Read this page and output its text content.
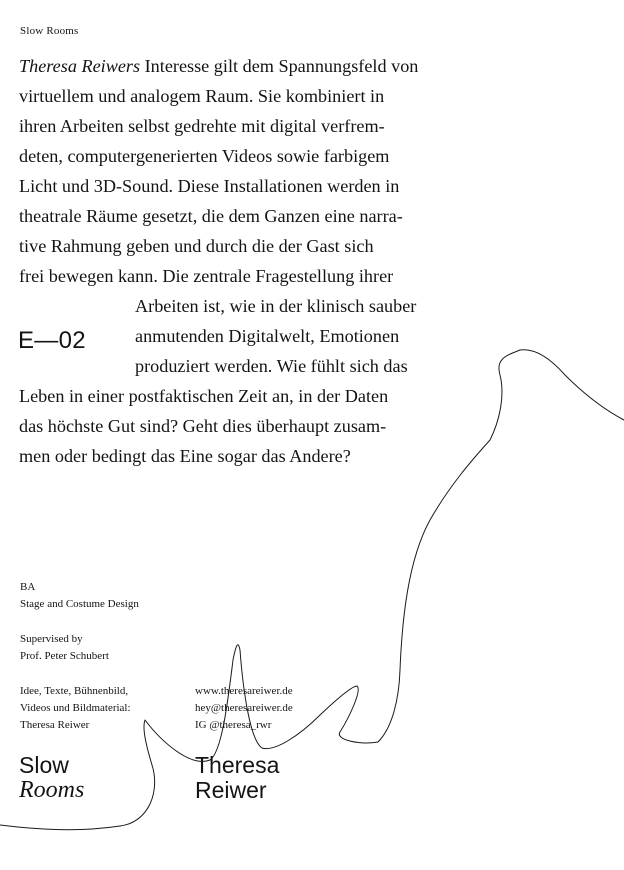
Slow Rooms
Theresa Reiwers Interesse gilt dem Spannungsfeld von
virtuellem und analogem Raum. Sie kombiniert in
ihren Arbeiten selbst gedrehte mit digital verfrem-
deten, computergenerierten Videos sowie farbigem
Licht und 3D-Sound. Diese Installationen werden in
theatrale Räume gesetzt, die dem Ganzen eine narra-
tive Rahmung geben und durch die der Gast sich
frei bewegen kann. Die zentrale Fragestellung ihrer
Arbeiten ist, wie in der klinisch sauber
anmutenden Digitalwelt, Emotionen
produziert werden. Wie fühlt sich das
Leben in einer postfaktischen Zeit an, in der Daten
das höchste Gut sind? Geht dies überhaupt zusam-
men oder bedingt das Eine sogar das Andere?
E—02
BA
Stage and Costume Design
Supervised by
Prof. Peter Schubert
Idee, Texte, Bühnenbild,
Videos und Bildmaterial:
Theresa Reiwer
www.theresareiwer.de
hey@theresareiwer.de
IG @theresa_rwr
Slow
Rooms
Theresa
Reiwer
